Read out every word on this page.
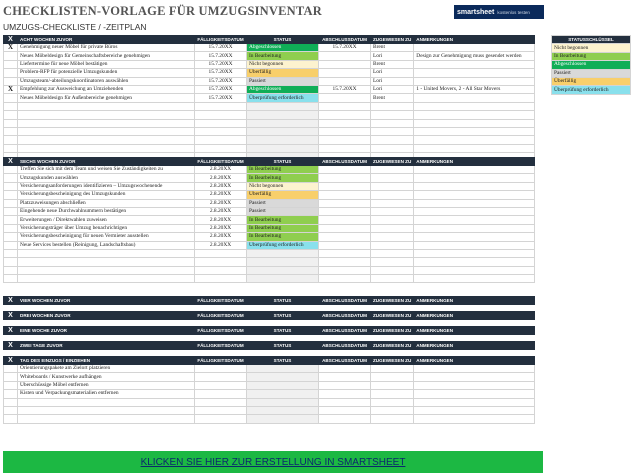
CHECKLISTEN-VORLAGE FÜR UMZUGSINVENTAR
UMZUGS-CHECKLISTE / -ZEITPLAN
smartsheet kostenlos testen
X	ACHT WOCHEN ZUVOR	FÄLLIGKEITSDATUM	STATUS	ABSCHLUSSDATUM	ZUGEWIESEN ZU	ANMERKUNGEN
X	Genehmigung neuer Möbel für private Büros	15.7.20XX	Abgeschlossen	15.7.20XX	Brent	
	Neues Möbeldesign für Gemeinschaftsbereiche genehmigen	15.7.20XX	In Bearbeitung		Lori	Design zur Genehmigung muss gesendet werden
	Liefertermine für neue Möbel bestätigen	15.7.20XX	Nicht begonnen		Brent	
	Problem-RFP für potenzielle Umzugskunden	15.7.20XX	Überfällig		Lori	
	Umzugsteam/-abteilungskoordinatoren auswählen	15.7.20XX	Passiert		Lori	
X	Empfehlung zur Ausweichung an Umziehenden	15.7.20XX	Abgeschlossen	15.7.20XX	Lori	1 - United Movers, 2 - All Star Movers
	Neues Möbeldesign für Außenbereiche genehmigen	15.7.20XX	Überprüfung erforderlich		Brent	

X	SECHS WOCHEN ZUVOR	FÄLLIGKEITSDATUM	STATUS	ABSCHLUSSDATUM	ZUGEWIESEN ZU	ANMERKUNGEN
	Treffen Sie sich mit dem Team und weisen Sie Zuständigkeiten zu	2.8.20XX	In Bearbeitung			
	Umzugskunden auswählen	2.8.20XX	In Bearbeitung			
	Versicherungsanforderungen identifizieren – Umzugswochenende	2.8.20XX	Nicht begonnen			
	Versicherungsbescheinigung des Umzugskunden	2.8.20XX	Überfällig			
	Platzzuweisungen abschließen	2.8.20XX	Passiert			
	Eingehende neue Durchwahlnummern bestätigen	2.8.20XX	Passiert			
	Erweiterungen / Direktwahlen zuweisen	2.8.20XX	In Bearbeitung			
	Versicherungsträger über Umzug benachrichtigen	2.8.20XX	In Bearbeitung			
	Versicherungsbescheinigung für neuen Vermieter ausstellen	2.8.20XX	In Bearbeitung			
	Neue Services bestellen (Reinigung, Landschaftsbau)	2.8.20XX	Überprüfung erforderlich			

X	VIER WOCHEN ZUVOR	FÄLLIGKEITSDATUM	STATUS	ABSCHLUSSDATUM	ZUGEWIESEN ZU	ANMERKUNGEN
X	DREI WOCHEN ZUVOR	FÄLLIGKEITSDATUM	STATUS	ABSCHLUSSDATUM	ZUGEWIESEN ZU	ANMERKUNGEN
X	EINE WOCHE ZUVOR	FÄLLIGKEITSDATUM	STATUS	ABSCHLUSSDATUM	ZUGEWIESEN ZU	ANMERKUNGEN
X	ZWEI TAGE ZUVOR	FÄLLIGKEITSDATUM	STATUS	ABSCHLUSSDATUM	ZUGEWIESEN ZU	ANMERKUNGEN
X	TAG DES EINZUGS / EINZIEHEN	FÄLLIGKEITSDATUM	STATUS	ABSCHLUSSDATUM	ZUGEWIESEN ZU	ANMERKUNGEN
	Orientierungspakete am Zielort platzieren					
	Whiteboards / Kunstwerke aufhängen					
	Überschüssige Möbel entfernen					
	Kisten und Verpackungsmaterialien entfernen					

STATUSSCHLÜSSEL
Nicht begonnen
In Bearbeitung
Abgeschlossen
Passiert
Überfällig
Überprüfung erforderlich
KLICKEN SIE HIER ZUR ERSTELLUNG IN SMARTSHEET
